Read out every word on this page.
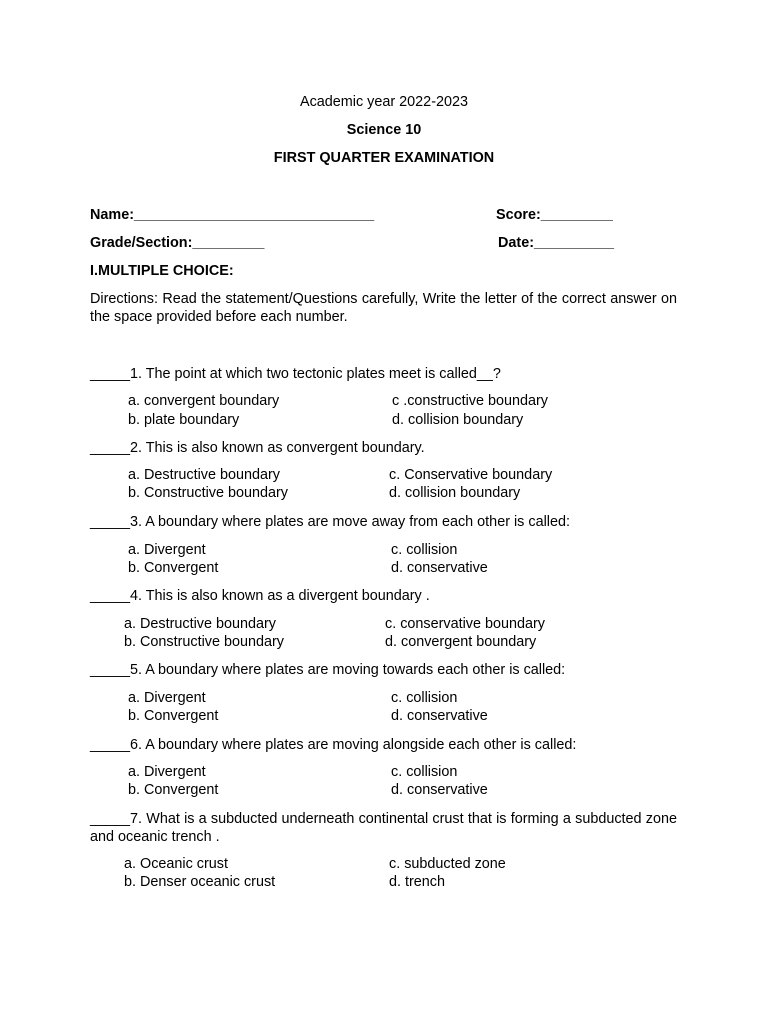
Academic year 2022-2023
Science 10
FIRST QUARTER EXAMINATION
Name:______________________________	Score:_________
Grade/Section:_________	Date:__________
I.MULTIPLE CHOICE:
Directions: Read the statement/Questions carefully, Write the letter of the correct answer on the space provided before each number.
_____1. The point at which two tectonic plates meet is called__?
a. convergent boundary	c .constructive boundary
b. plate boundary	d. collision boundary
_____2. This is also known as convergent boundary.
a. Destructive boundary	c. Conservative boundary
b. Constructive boundary	d. collision boundary
_____3. A boundary where plates are move away from each other is called:
a. Divergent	c. collision
b. Convergent	d. conservative
_____4. This is also known as a divergent boundary .
a. Destructive boundary	c. conservative boundary
b. Constructive boundary	d. convergent boundary
_____5. A boundary where plates are moving towards each other is called:
a. Divergent	c. collision
b. Convergent	d. conservative
_____6. A boundary where plates are moving alongside each other is called:
a. Divergent	c. collision
b. Convergent	d. conservative
_____7. What is a subducted underneath continental crust that is forming a subducted zone and oceanic trench .
a. Oceanic crust	c. subducted zone
b. Denser oceanic crust	d. trench
